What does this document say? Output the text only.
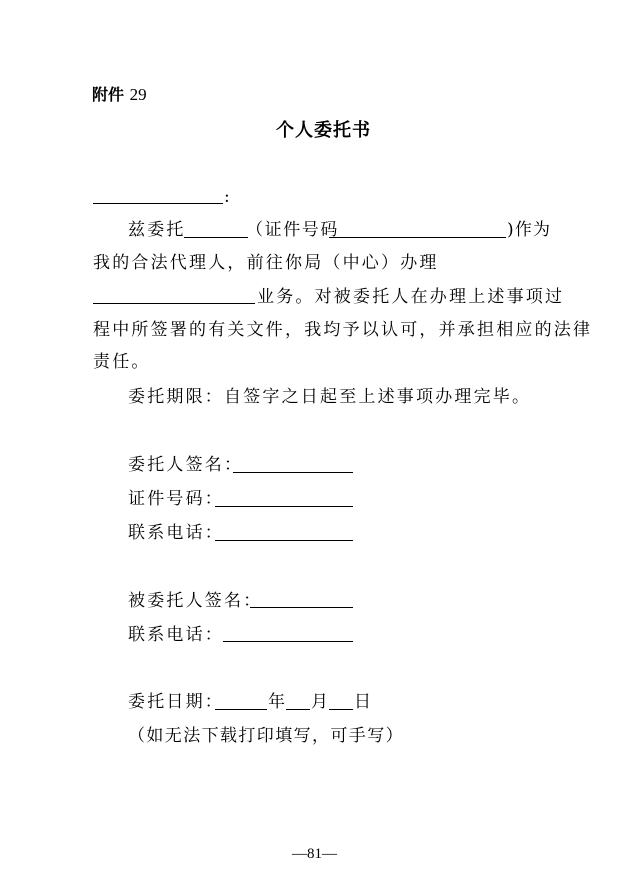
附件 29
个人委托书
:
兹委托	（证件号码	)作为
我的合法代理人，前往你局（中心）办理
业务。对被委托人在办理上述事项过
程中所签署的有关文件，我均予以认可，并承担相应的法律
责任。
委托期限：自签字之日起至上述事项办理完毕。
委托人签名：
证件号码：
联系电话：
被委托人签名：
联系电话：
委托日期：	年 月 日
（如无法下载打印填写，可手写）
—81—
